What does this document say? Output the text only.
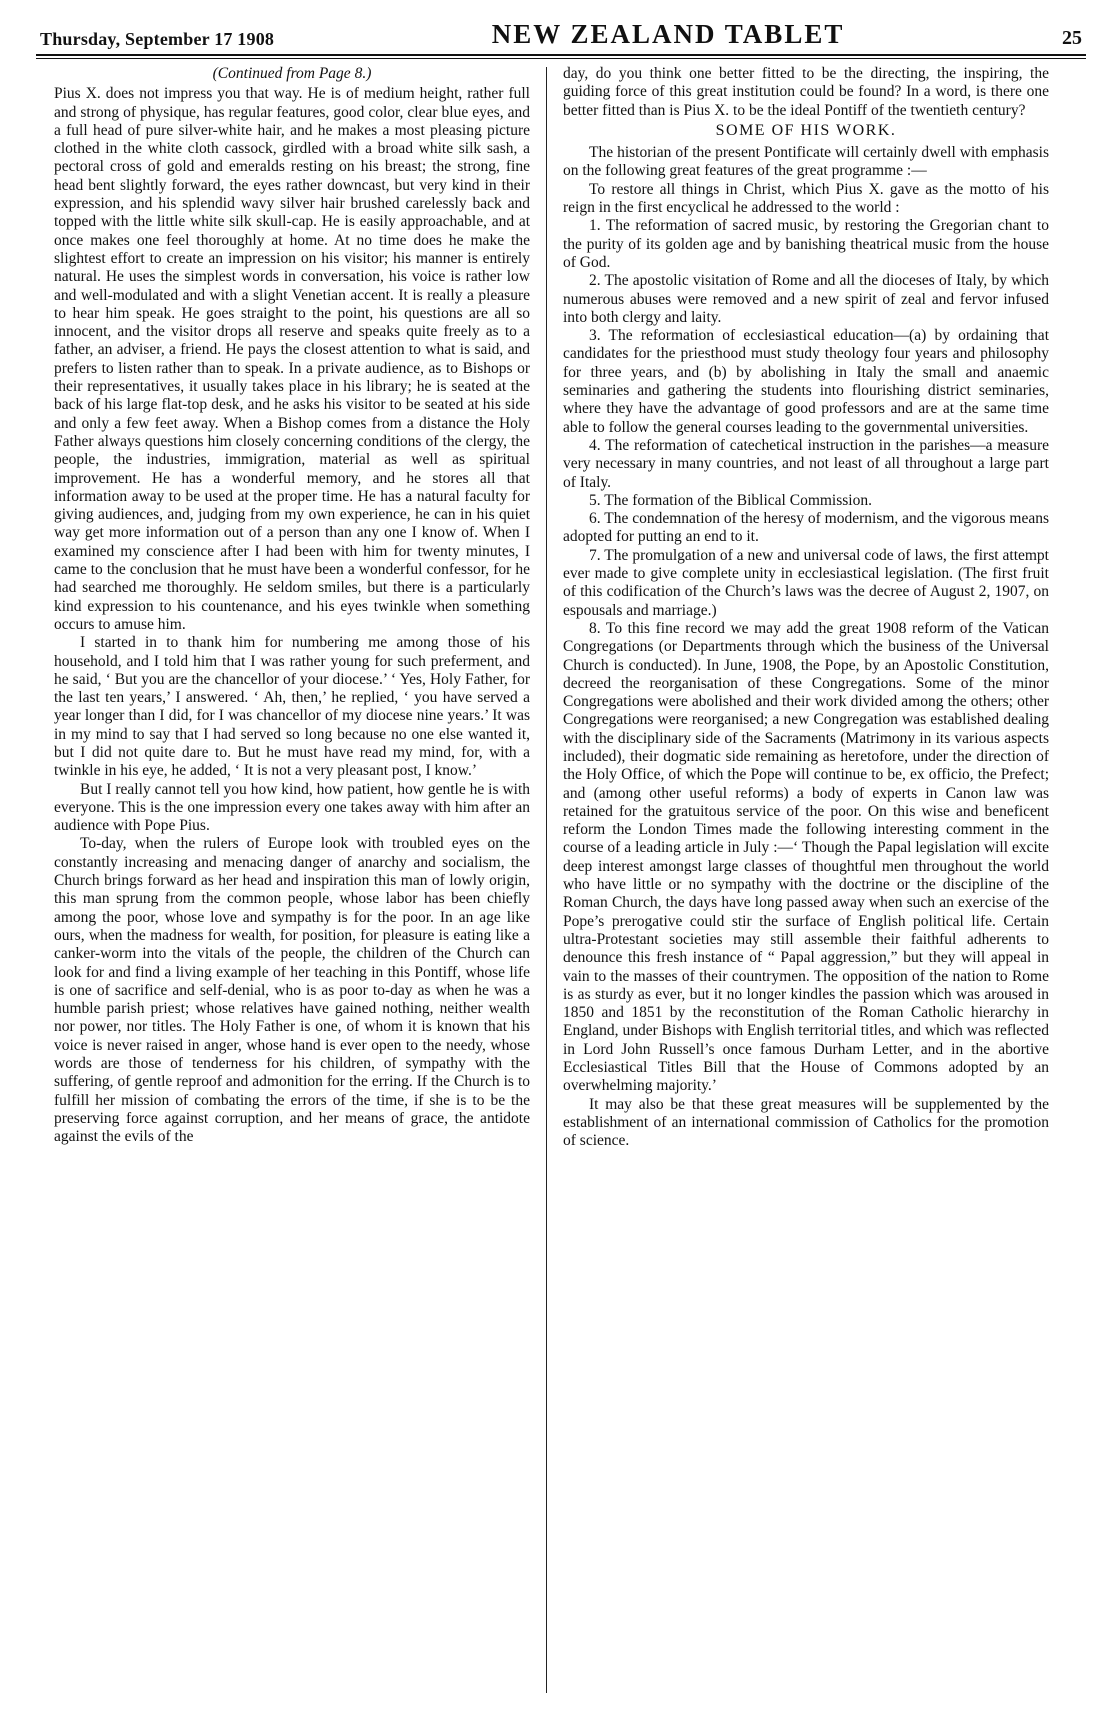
Thursday, September 17 1908	NEW ZEALAND TABLET	25
(Continued from Page 8.)

Pius X. does not impress you that way. He is of medium height, rather full and strong of physique, has regular features, good color, clear blue eyes, and a full head of pure silver-white hair, and he makes a most pleasing picture clothed in the white cloth cassock, girdled with a broad white silk sash, a pectoral cross of gold and emeralds resting on his breast; the strong, fine head bent slightly forward, the eyes rather downcast, but very kind in their expression, and his splendid wavy silver hair brushed carelessly back and topped with the little white silk skull-cap. He is easily approachable, and at once makes one feel thoroughly at home. At no time does he make the slightest effort to create an impression on his visitor; his manner is entirely natural. He uses the simplest words in conversation, his voice is rather low and well-modulated and with a slight Venetian accent. It is really a pleasure to hear him speak. He goes straight to the point, his questions are all so innocent, and the visitor drops all reserve and speaks quite freely as to a father, an adviser, a friend. He pays the closest attention to what is said, and prefers to listen rather than to speak. In a private audience, as to Bishops or their representatives, it usually takes place in his library; he is seated at the back of his large flat-top desk, and he asks his visitor to be seated at his side and only a few feet away. When a Bishop comes from a distance the Holy Father always questions him closely concerning conditions of the clergy, the people, the industries, immigration, material as well as spiritual improvement. He has a wonderful memory, and he stores all that information away to be used at the proper time. He has a natural faculty for giving audiences, and, judging from my own experience, he can in his quiet way get more information out of a person than any one I know of. When I examined my conscience after I had been with him for twenty minutes, I came to the conclusion that he must have been a wonderful confessor, for he had searched me thoroughly. He seldom smiles, but there is a particularly kind expression to his countenance, and his eyes twinkle when something occurs to amuse him.

I started in to thank him for numbering me among those of his household, and I told him that I was rather young for such preferment, and he said, ‘ But you are the chancellor of your diocese.’ ‘ Yes, Holy Father, for the last ten years,’ I answered. ‘ Ah, then,’ he replied, ‘ you have served a year longer than I did, for I was chancellor of my diocese nine years.’ It was in my mind to say that I had served so long because no one else wanted it, but I did not quite dare to. But he must have read my mind, for, with a twinkle in his eye, he added, ‘ It is not a very pleasant post, I know.’

But I really cannot tell you how kind, how patient, how gentle he is with everyone. This is the one impression every one takes away with him after an audience with Pope Pius.

To-day, when the rulers of Europe look with troubled eyes on the constantly increasing and menacing danger of anarchy and socialism, the Church brings forward as her head and inspiration this man of lowly origin, this man sprung from the common people, whose labor has been chiefly among the poor, whose love and sympathy is for the poor. In an age like ours, when the madness for wealth, for position, for pleasure is eating like a canker-worm into the vitals of the people, the children of the Church can look for and find a living example of her teaching in this Pontiff, whose life is one of sacrifice and self-denial, who is as poor to-day as when he was a humble parish priest; whose relatives have gained nothing, neither wealth nor power, nor titles. The Holy Father is one, of whom it is known that his voice is never raised in anger, whose hand is ever open to the needy, whose words are those of tenderness for his children, of sympathy with the suffering, of gentle reproof and admonition for the erring. If the Church is to fulfill her mission of combating the errors of the time, if she is to be the preserving force against corruption, and her means of grace, the antidote against the evils of the

day, do you think one better fitted to be the directing, the inspiring, the guiding force of this great institution could be found? In a word, is there one better fitted than is Pius X. to be the ideal Pontiff of the twentieth century?

SOME OF HIS WORK.

The historian of the present Pontificate will certainly dwell with emphasis on the following great features of the great programme :—

To restore all things in Christ, which Pius X. gave as the motto of his reign in the first encyclical he addressed to the world :

1. The reformation of sacred music, by restoring the Gregorian chant to the purity of its golden age and by banishing theatrical music from the house of God.

2. The apostolic visitation of Rome and all the dioceses of Italy, by which numerous abuses were removed and a new spirit of zeal and fervor infused into both clergy and laity.

3. The reformation of ecclesiastical education—(a) by ordaining that candidates for the priesthood must study theology four years and philosophy for three years, and (b) by abolishing in Italy the small and anaemic seminaries and gathering the students into flourishing district seminaries, where they have the advantage of good professors and are at the same time able to follow the general courses leading to the governmental universities.

4. The reformation of catechetical instruction in the parishes—a measure very necessary in many countries, and not least of all throughout a large part of Italy.

5. The formation of the Biblical Commission.

6. The condemnation of the heresy of modernism, and the vigorous means adopted for putting an end to it.

7. The promulgation of a new and universal code of laws, the first attempt ever made to give complete unity in ecclesiastical legislation. (The first fruit of this codification of the Church’s laws was the decree of August 2, 1907, on espousals and marriage.)

8. To this fine record we may add the great 1908 reform of the Vatican Congregations (or Departments through which the business of the Universal Church is conducted). In June, 1908, the Pope, by an Apostolic Constitution, decreed the reorganisation of these Congregations. Some of the minor Congregations were abolished and their work divided among the others; other Congregations were reorganised; a new Congregation was established dealing with the disciplinary side of the Sacraments (Matrimony in its various aspects included), their dogmatic side remaining as heretofore, under the direction of the Holy Office, of which the Pope will continue to be, ex officio, the Prefect; and (among other useful reforms) a body of experts in Canon law was retained for the gratuitous service of the poor. On this wise and beneficent reform the London Times made the following interesting comment in the course of a leading article in July :—‘ Though the Papal legislation will excite deep interest amongst large classes of thoughtful men throughout the world who have little or no sympathy with the doctrine or the discipline of the Roman Church, the days have long passed away when such an exercise of the Pope’s prerogative could stir the surface of English political life. Certain ultra-Protestant societies may still assemble their faithful adherents to denounce this fresh instance of “ Papal aggression,” but they will appeal in vain to the masses of their countrymen. The opposition of the nation to Rome is as sturdy as ever, but it no longer kindles the passion which was aroused in 1850 and 1851 by the reconstitution of the Roman Catholic hierarchy in England, under Bishops with English territorial titles, and which was reflected in Lord John Russell’s once famous Durham Letter, and in the abortive Ecclesiastical Titles Bill that the House of Commons adopted by an overwhelming majority.’

It may also be that these great measures will be supplemented by the establishment of an international commission of Catholics for the promotion of science.
